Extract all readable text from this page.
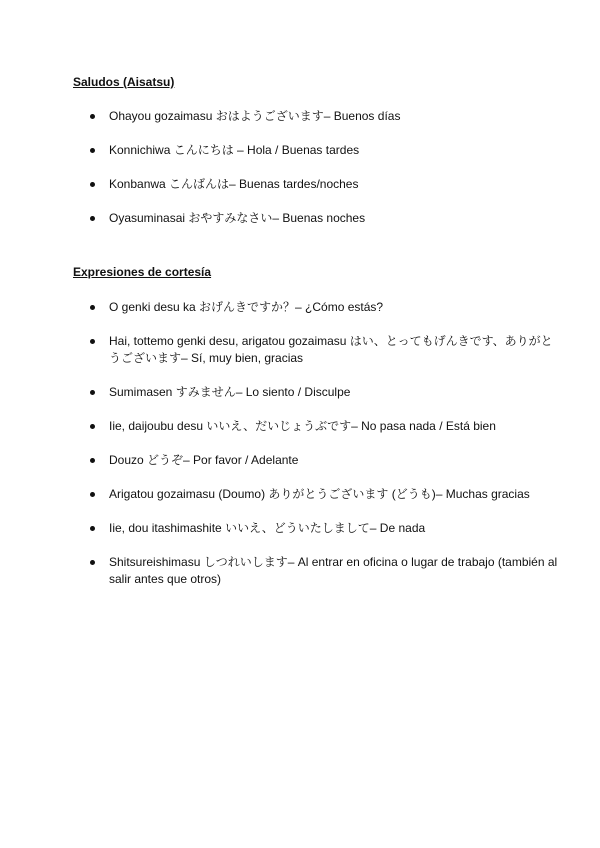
Saludos (Aisatsu)
Ohayou gozaimasu おはようございます– Buenos días
Konnichiwa こんにちは – Hola / Buenas tardes
Konbanwa こんばんは– Buenas tardes/noches
Oyasuminasai おやすみなさい– Buenas noches
Expresiones de cortesía
O genki desu ka おげんきですか？– ¿Cómo estás?
Hai, tottemo genki desu, arigatou gozaimasu はい、とってもげんきです、ありがとうございます– Sí, muy bien, gracias
Sumimasen すみません– Lo siento / Disculpe
Iie, daijoubu desu いいえ、だいじょうぶです– No pasa nada / Está bien
Douzo どうぞ– Por favor / Adelante
Arigatou gozaimasu (Doumo) ありがとうございます (どうも)– Muchas gracias
Iie, dou itashimashite いいえ、どういたしまして– De nada
Shitsureishimasu しつれいします– Al entrar en oficina o lugar de trabajo (también al salir antes que otros)
